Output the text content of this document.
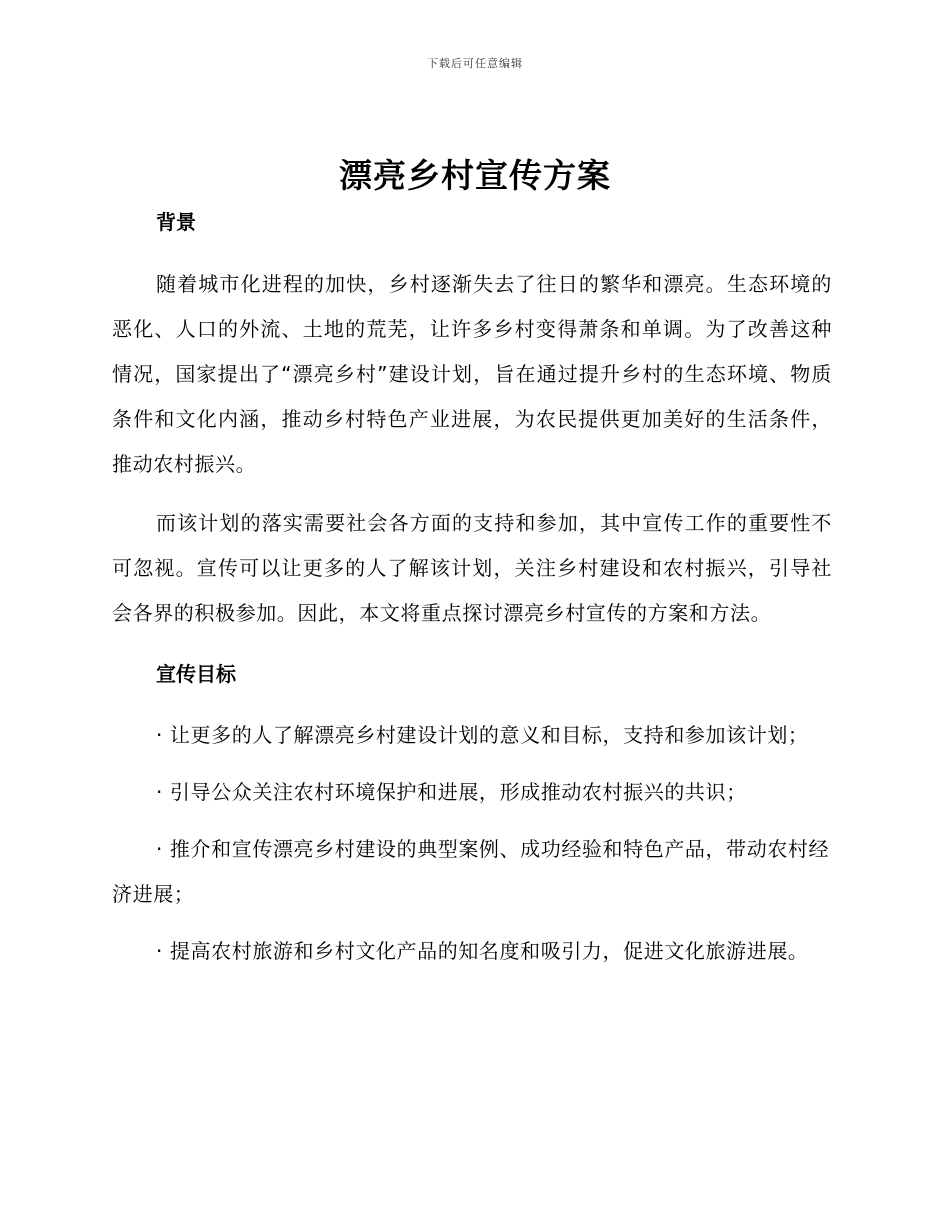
下载后可任意编辑
漂亮乡村宣传方案
背景

随着城市化进程的加快，乡村逐渐失去了往日的繁华和漂亮。生态环境的恶化、人口的外流、土地的荒芜，让许多乡村变得萧条和单调。为了改善这种情况，国家提出了“漂亮乡村”建设计划，旨在通过提升乡村的生态环境、物质条件和文化内涵，推动乡村特色产业进展，为农民提供更加美好的生活条件，推动农村振兴。

而该计划的落实需要社会各方面的支持和参加，其中宣传工作的重要性不可忽视。宣传可以让更多的人了解该计划，关注乡村建设和农村振兴，引导社会各界的积极参加。因此，本文将重点探讨漂亮乡村宣传的方案和方法。

宣传目标
· 让更多的人了解漂亮乡村建设计划的意义和目标，支持和参加该计划；
· 引导公众关注农村环境保护和进展，形成推动农村振兴的共识；
· 推介和宣传漂亮乡村建设的典型案例、成功经验和特色产品，带动农村经济进展；
· 提高农村旅游和乡村文化产品的知名度和吸引力，促进文化旅游进展。
